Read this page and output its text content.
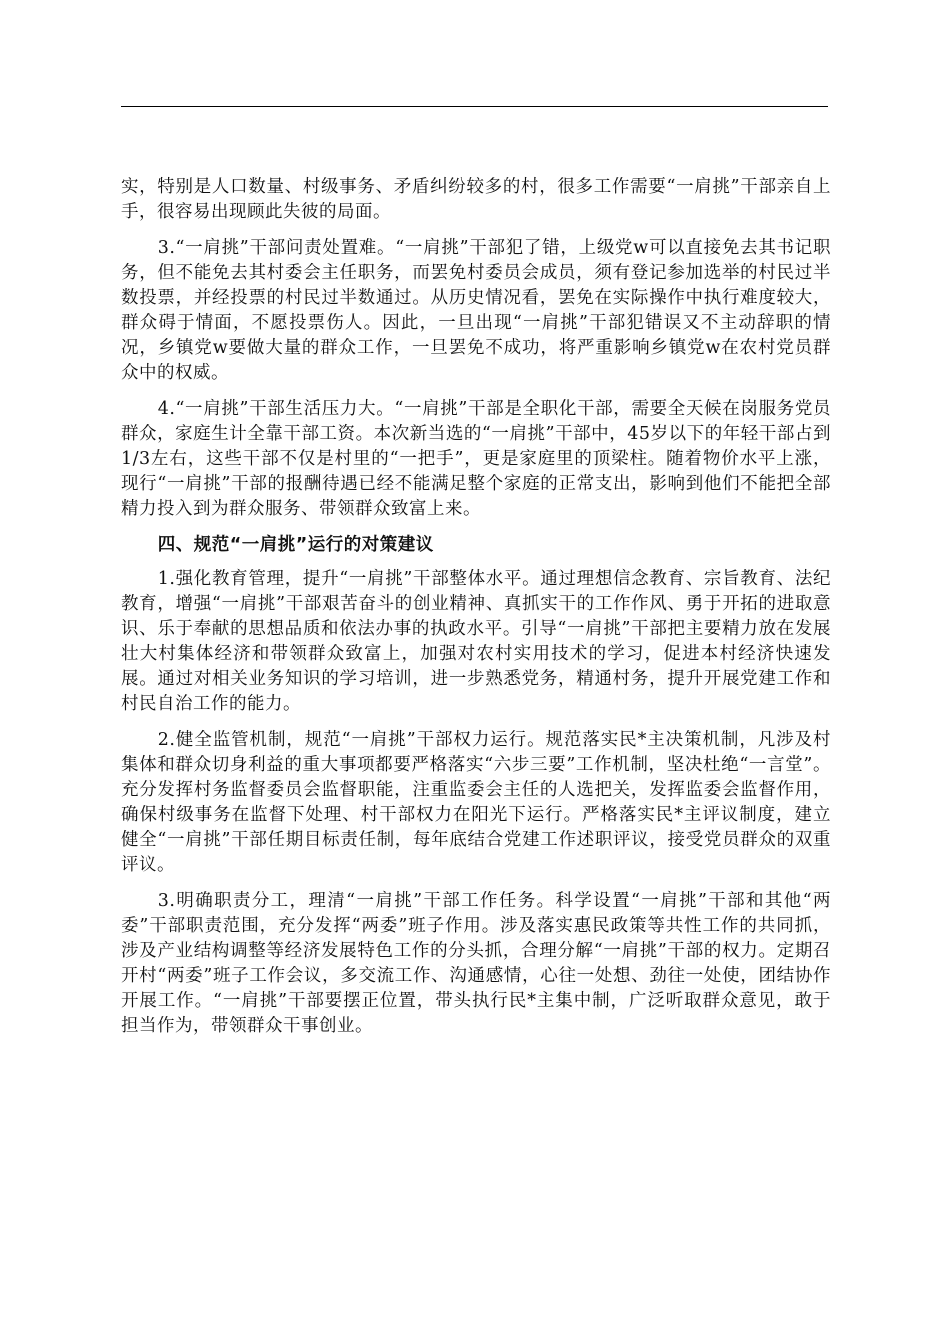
实，特别是人口数量、村级事务、矛盾纠纷较多的村，很多工作需要“一肩挑”干部亲自上手，很容易出现顾此失彼的局面。

3.“一肩挑”干部问责处置难。“一肩挑”干部犯了错，上级党w可以直接免去其书记职务，但不能免去其村委会主任职务，而罢免村委员会成员，须有登记参加选举的村民过半数投票，并经投票的村民过半数通过。从历史情况看，罢免在实际操作中执行难度较大，群众碍于情面，不愿投票伤人。因此，一旦出现“一肩挑”干部犯错误又不主动辞职的情况，乡镇党w要做大量的群众工作，一旦罢免不成功，将严重影响乡镇党w在农村党员群众中的权威。

4.“一肩挑”干部生活压力大。“一肩挑”干部是全职化干部，需要全天候在岗服务党员群众，家庭生计全靠干部工资。本次新当选的“一肩挑”干部中，45岁以下的年轻干部占到1/3左右，这些干部不仅是村里的“一把手”，更是家庭里的顶梁柱。随着物价水平上涨，现行“一肩挑”干部的报酬待遇已经不能满足整个家庭的正常支出，影响到他们不能把全部精力投入到为群众服务、带领群众致富上来。

四、规范“一肩挑”运行的对策建议

1.强化教育管理，提升“一肩挑”干部整体水平。通过理想信念教育、宗旨教育、法纪教育，增强“一肩挑”干部艰苦奋斗的创业精神、真抓实干的工作作风、勇于开拓的进取意识、乐于奉献的思想品质和依法办事的执政水平。引导“一肩挑”干部把主要精力放在发展壮大村集体经济和带领群众致富上，加强对农村实用技术的学习，促进本村经济快速发展。通过对相关业务知识的学习培训，进一步熟悉党务，精通村务，提升开展党建工作和村民自治工作的能力。

2.健全监管机制，规范“一肩挑”干部权力运行。规范落实民*主决策机制，凡涉及村集体和群众切身利益的重大事项都要严格落实“六步三要”工作机制，坚决杜绝“一言堂”。充分发挥村务监督委员会监督职能，注重监委会主任的人选把关，发挥监委会监督作用，确保村级事务在监督下处理、村干部权力在阳光下运行。严格落实民*主评议制度，建立健全“一肩挑”干部任期目标责任制，每年底结合党建工作述职评议，接受党员群众的双重评议。

3.明确职责分工，理清“一肩挑”干部工作任务。科学设置“一肩挑”干部和其他“两委”干部职责范围，充分发挥“两委”班子作用。涉及落实惠民政策等共性工作的共同抓，涉及产业结构调整等经济发展特色工作的分头抓，合理分解“一肩挑”干部的权力。定期召开村“两委”班子工作会议，多交流工作、沟通感情，心往一处想、劲往一处使，团结协作开展工作。“一肩挑”干部要摆正位置，带头执行民*主集中制，广泛听取群众意见，敢于担当作为，带领群众干事创业。
